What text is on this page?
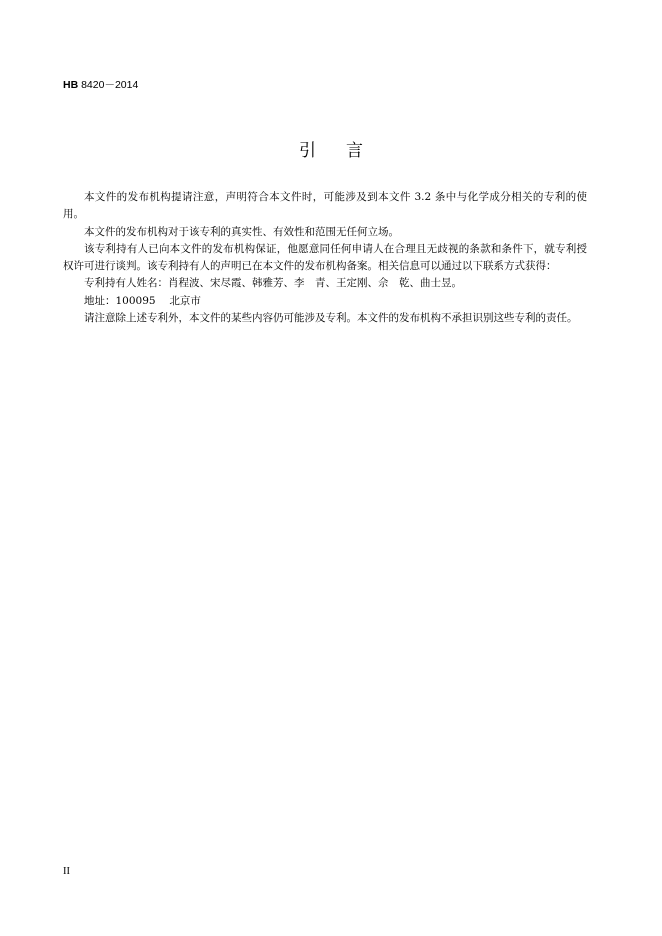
HB 8420－2014
引言

本文件的发布机构提请注意，声明符合本文件时，可能涉及到本文件 3.2 条中与化学成分相关的专利的使用。

本文件的发布机构对于该专利的真实性、有效性和范围无任何立场。

该专利持有人已向本文件的发布机构保证，他愿意同任何申请人在合理且无歧视的条款和条件下，就专利授权许可进行谈判。该专利持有人的声明已在本文件的发布机构备案。相关信息可以通过以下联系方式获得：

专利持有人姓名：肖程波、宋尽霞、韩雅芳、李　青、王定刚、佘　乾、曲士昱。

地址：100095　 北京市

请注意除上述专利外，本文件的某些内容仍可能涉及专利。本文件的发布机构不承担识别这些专利的责任。

II
